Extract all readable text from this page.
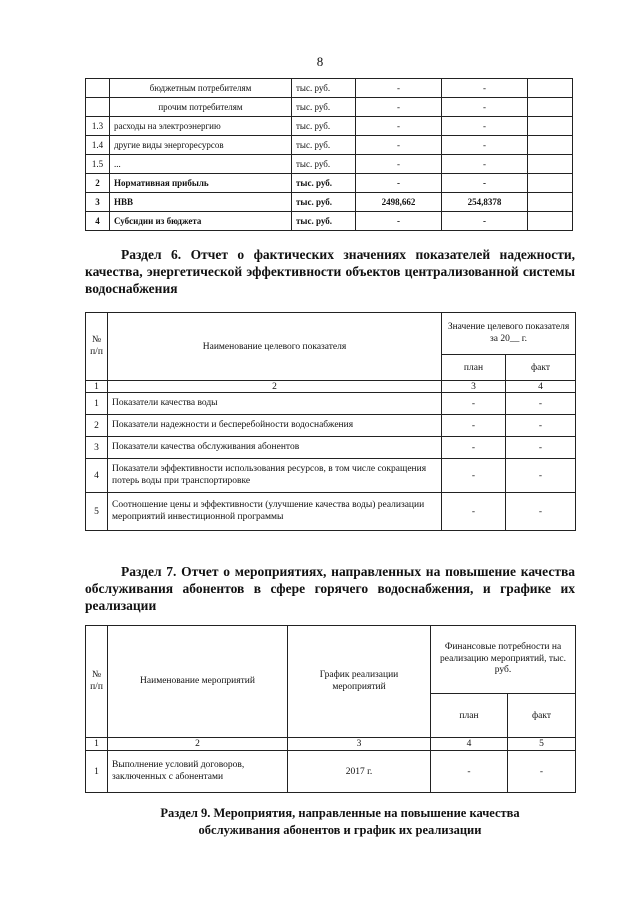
8
	бюджетным потребителям	тыс. руб.	-	-	
	прочим потребителям	тыс. руб.	-	-	
1.3	расходы на электроэнергию	тыс. руб.	-	-	
1.4	другие виды энергоресурсов	тыс. руб.	-	-	
1.5	...	тыс. руб.	-	-	
2	Нормативная прибыль	тыс. руб.	-	-	
3	НВВ	тыс. руб.	2498,662	254,8378	
4	Субсидии из бюджета	тыс. руб.	-	-	
Раздел 6. Отчет о фактических значениях показателей надежности, качества, энергетической эффективности объектов централизованной системы водоснабжения
№ п/п	Наименование целевого показателя	Значение целевого показателя за 20__ г.	
		план	факт
1	2	3	4
1	Показатели качества воды	-	-
2	Показатели надежности и бесперебойности водоснабжения	-	-
3	Показатели качества обслуживания абонентов	-	-
4	Показатели эффективности использования ресурсов, в том числе сокращения потерь воды при транспортировке	-	-
5	Соотношение цены и эффективности (улучшение качества воды) реализации мероприятий инвестиционной программы	-	-
Раздел 7. Отчет о мероприятиях, направленных на повышение качества обслуживания абонентов в сфере горячего водоснабжения, и графике их реализации
№ п/п	Наименование мероприятий	График реализации мероприятий	Финансовые потребности на реализацию мероприятий, тыс. руб.	
			план	факт
1	2	3	4	5
1	Выполнение условий договоров, заключенных с абонентами	2017 г.	-	-
Раздел 9. Мероприятия, направленные на повышение качества обслуживания абонентов и график их реализации
